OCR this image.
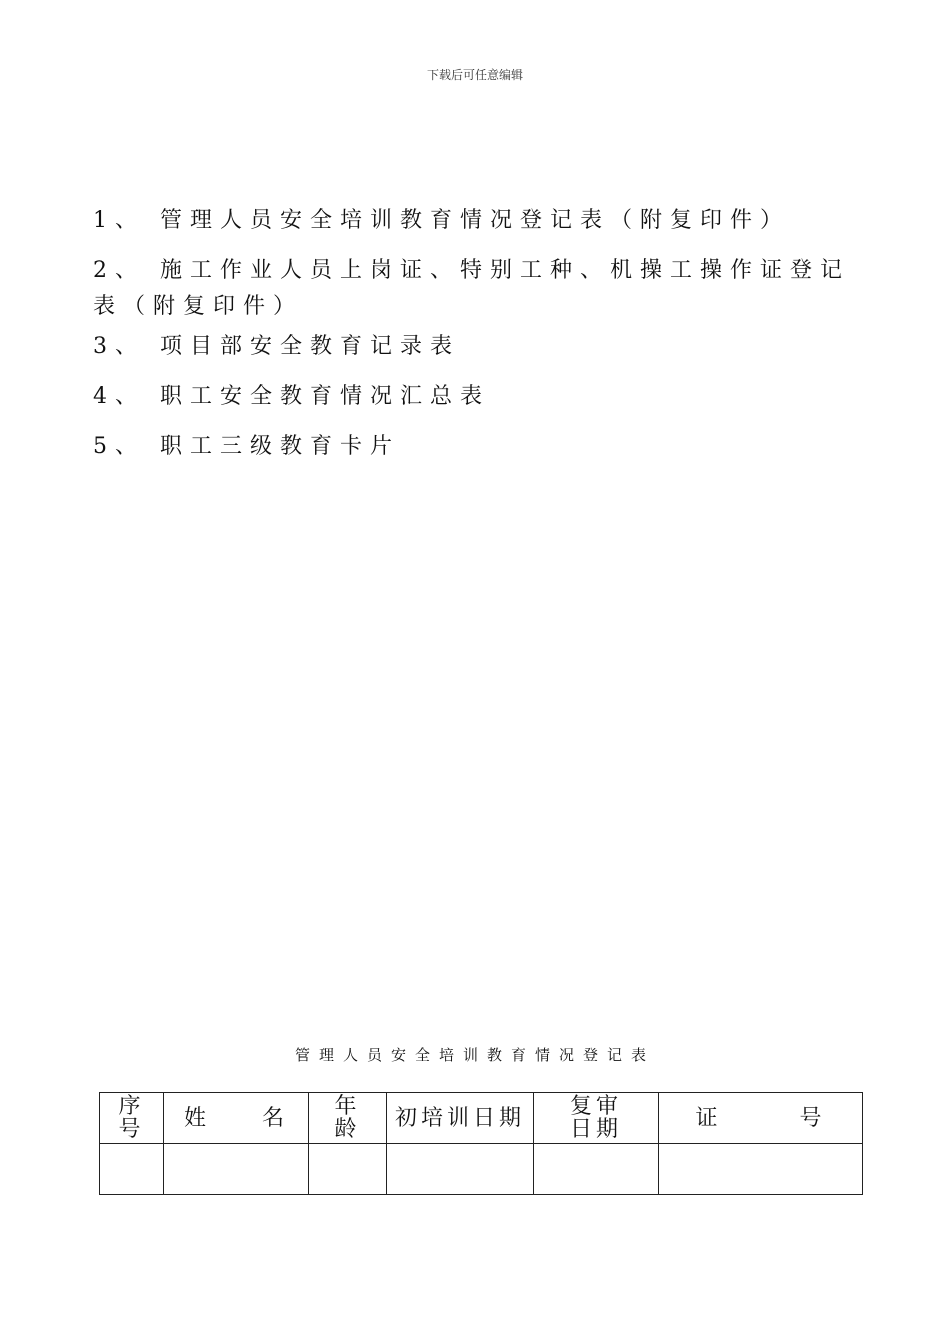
下载后可任意编辑
1、 管理人员安全培训教育情况登记表（附复印件）
2、 施工作业人员上岗证、特别工种、机操工操作证登记表（附复印件）
3、 项目部安全教育记录表
4、 职工安全教育情况汇总表
5、 职工三级教育卡片
管理人员安全培训教育情况登记表
序号	姓　　名	年龄	初培训日期	复审日期	证　　　号
